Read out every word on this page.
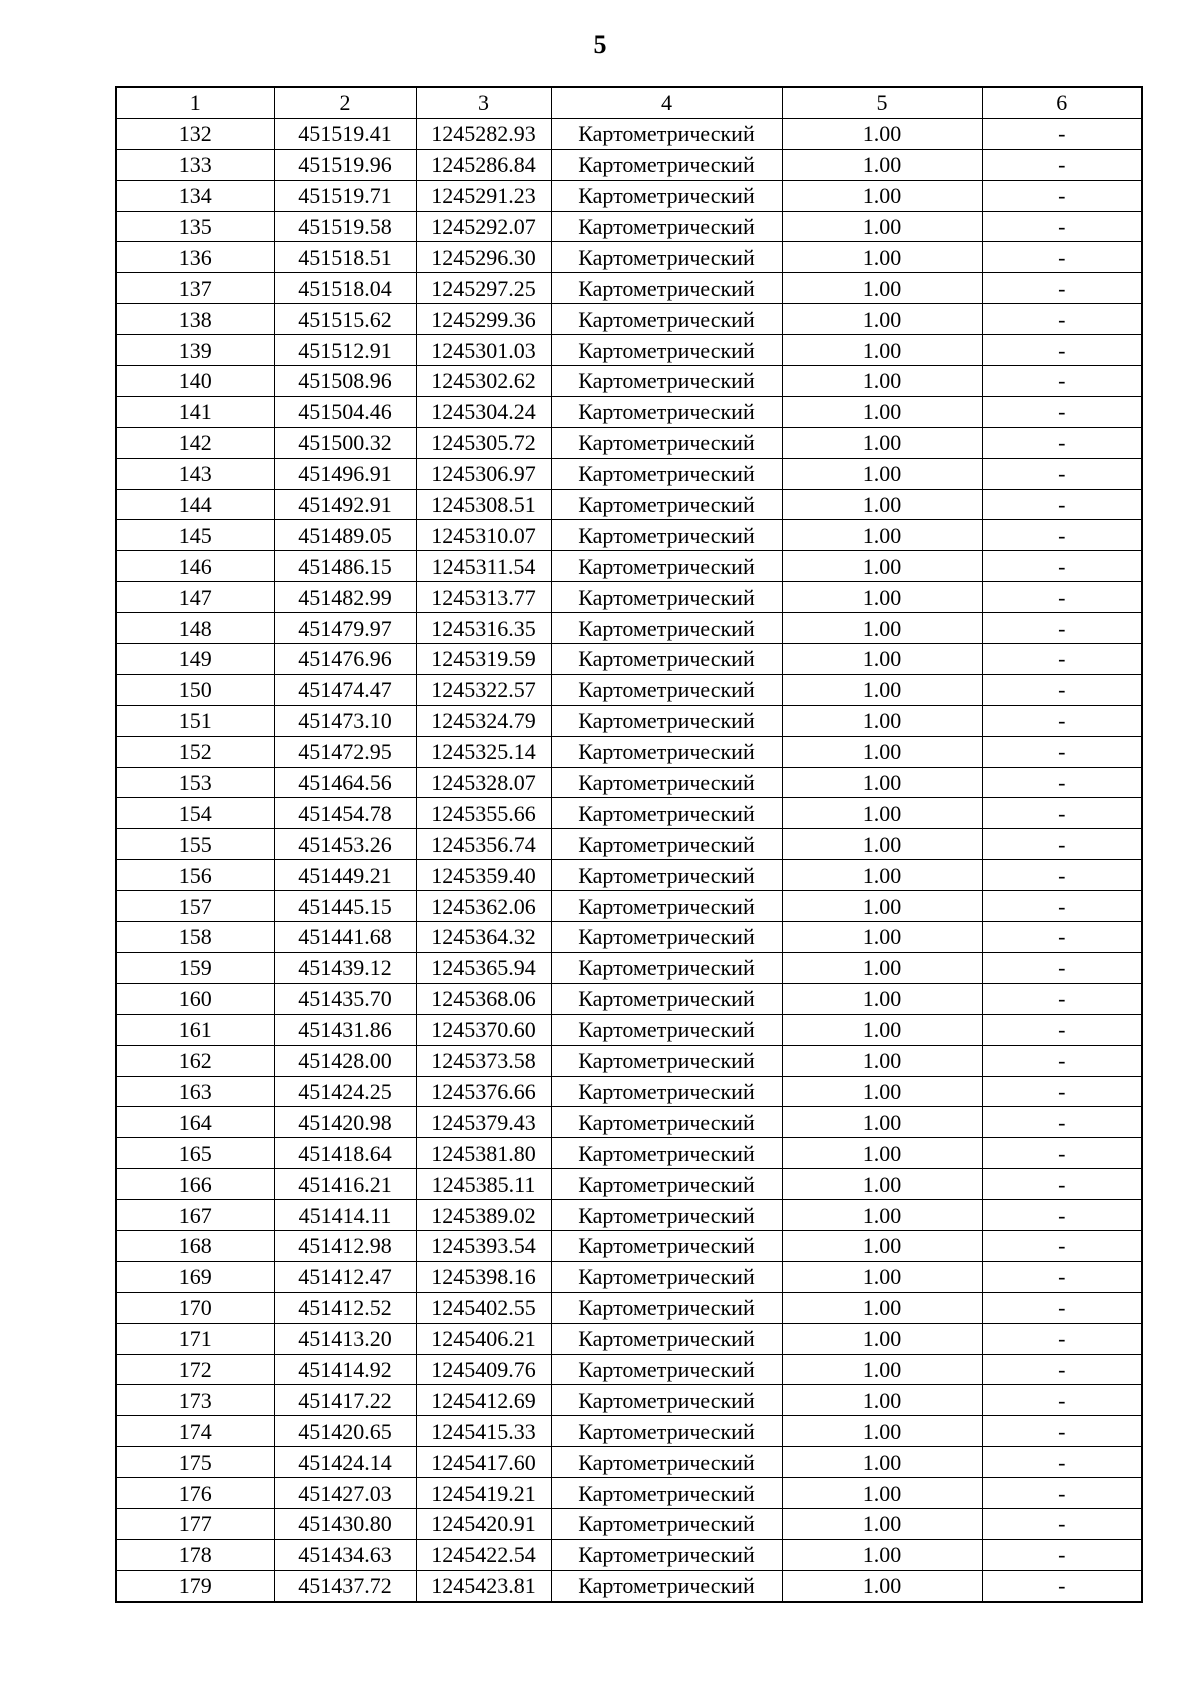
5
1	2	3	4	5	6
132	451519.41	1245282.93	Картометрический	1.00	-
133	451519.96	1245286.84	Картометрический	1.00	-
134	451519.71	1245291.23	Картометрический	1.00	-
135	451519.58	1245292.07	Картометрический	1.00	-
136	451518.51	1245296.30	Картометрический	1.00	-
137	451518.04	1245297.25	Картометрический	1.00	-
138	451515.62	1245299.36	Картометрический	1.00	-
139	451512.91	1245301.03	Картометрический	1.00	-
140	451508.96	1245302.62	Картометрический	1.00	-
141	451504.46	1245304.24	Картометрический	1.00	-
142	451500.32	1245305.72	Картометрический	1.00	-
143	451496.91	1245306.97	Картометрический	1.00	-
144	451492.91	1245308.51	Картометрический	1.00	-
145	451489.05	1245310.07	Картометрический	1.00	-
146	451486.15	1245311.54	Картометрический	1.00	-
147	451482.99	1245313.77	Картометрический	1.00	-
148	451479.97	1245316.35	Картометрический	1.00	-
149	451476.96	1245319.59	Картометрический	1.00	-
150	451474.47	1245322.57	Картометрический	1.00	-
151	451473.10	1245324.79	Картометрический	1.00	-
152	451472.95	1245325.14	Картометрический	1.00	-
153	451464.56	1245328.07	Картометрический	1.00	-
154	451454.78	1245355.66	Картометрический	1.00	-
155	451453.26	1245356.74	Картометрический	1.00	-
156	451449.21	1245359.40	Картометрический	1.00	-
157	451445.15	1245362.06	Картометрический	1.00	-
158	451441.68	1245364.32	Картометрический	1.00	-
159	451439.12	1245365.94	Картометрический	1.00	-
160	451435.70	1245368.06	Картометрический	1.00	-
161	451431.86	1245370.60	Картометрический	1.00	-
162	451428.00	1245373.58	Картометрический	1.00	-
163	451424.25	1245376.66	Картометрический	1.00	-
164	451420.98	1245379.43	Картометрический	1.00	-
165	451418.64	1245381.80	Картометрический	1.00	-
166	451416.21	1245385.11	Картометрический	1.00	-
167	451414.11	1245389.02	Картометрический	1.00	-
168	451412.98	1245393.54	Картометрический	1.00	-
169	451412.47	1245398.16	Картометрический	1.00	-
170	451412.52	1245402.55	Картометрический	1.00	-
171	451413.20	1245406.21	Картометрический	1.00	-
172	451414.92	1245409.76	Картометрический	1.00	-
173	451417.22	1245412.69	Картометрический	1.00	-
174	451420.65	1245415.33	Картометрический	1.00	-
175	451424.14	1245417.60	Картометрический	1.00	-
176	451427.03	1245419.21	Картометрический	1.00	-
177	451430.80	1245420.91	Картометрический	1.00	-
178	451434.63	1245422.54	Картометрический	1.00	-
179	451437.72	1245423.81	Картометрический	1.00	-
